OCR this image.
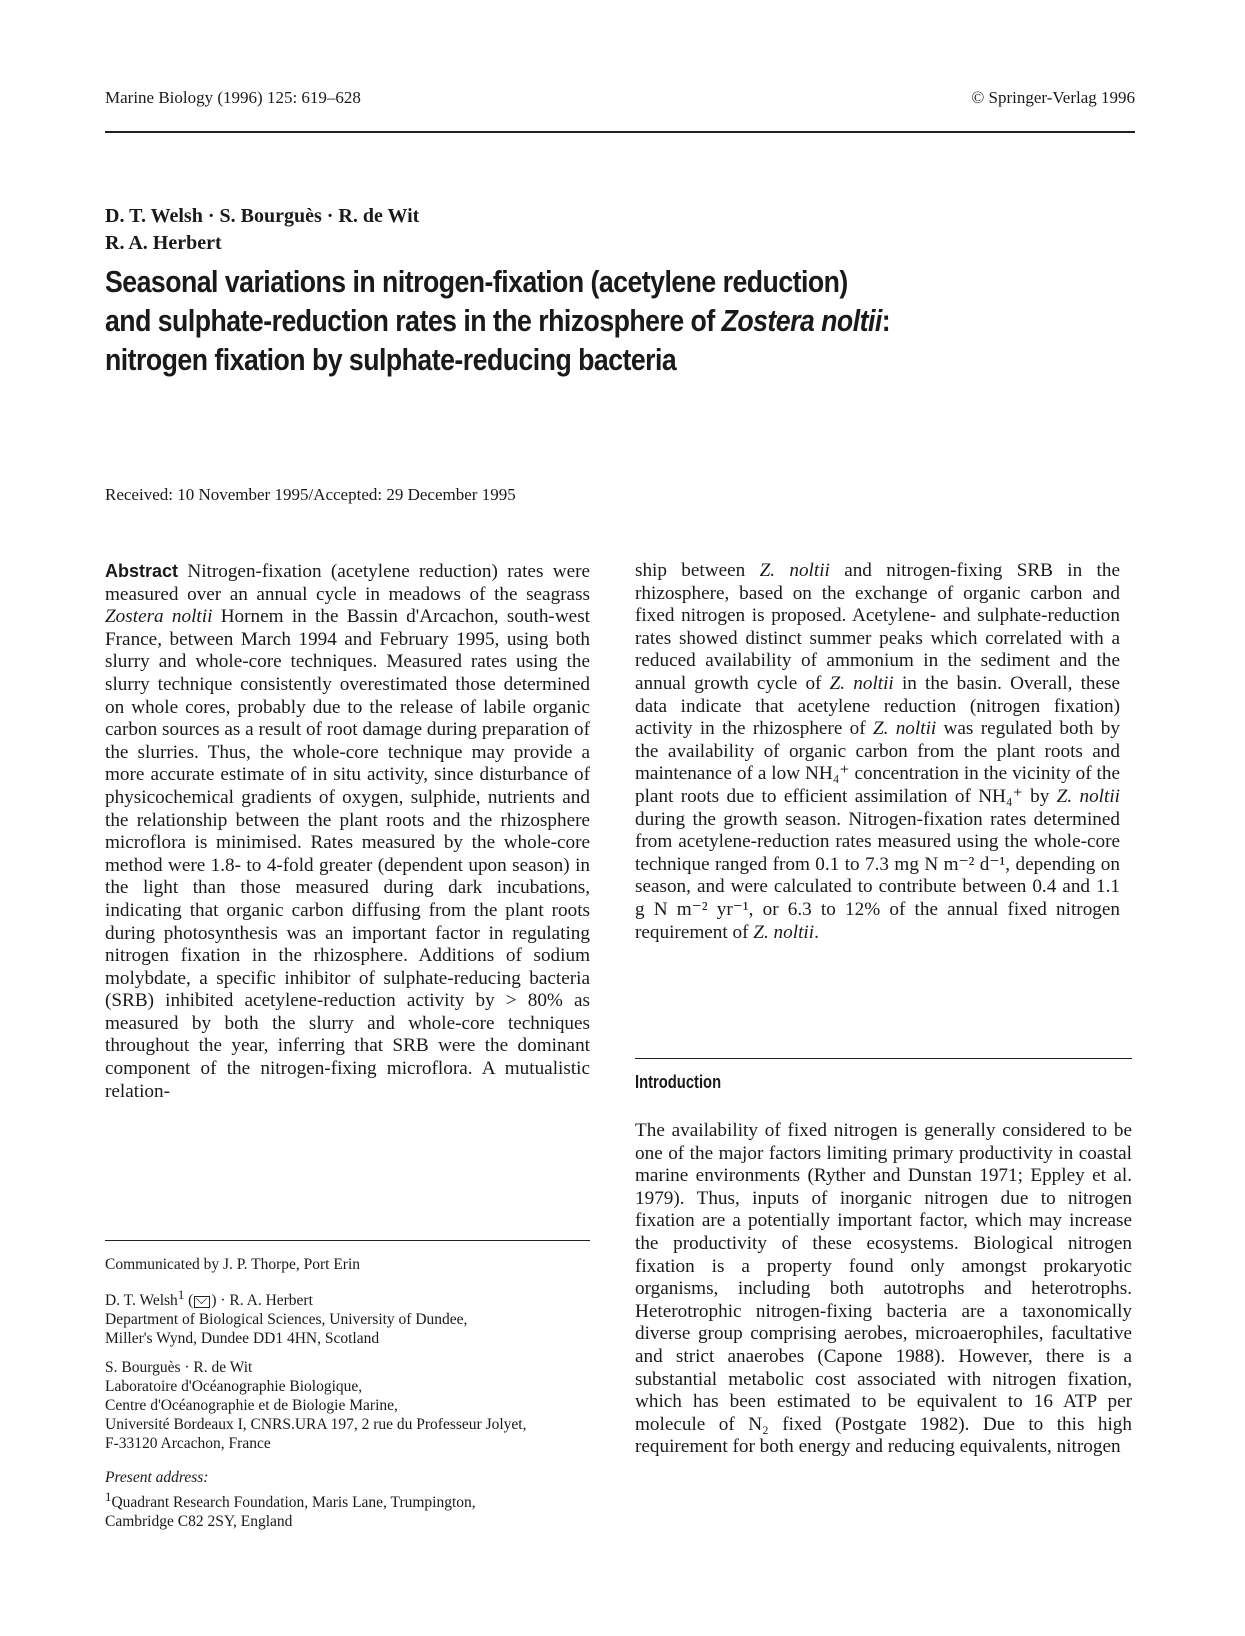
Marine Biology (1996) 125: 619–628	© Springer-Verlag 1996
D. T. Welsh · S. Bourguès · R. de Wit
R. A. Herbert
Seasonal variations in nitrogen-fixation (acetylene reduction)
and sulphate-reduction rates in the rhizosphere of Zostera noltii:
nitrogen fixation by sulphate-reducing bacteria
Received: 10 November 1995/Accepted: 29 December 1995

Abstract Nitrogen-fixation (acetylene reduction) rates were measured over an annual cycle in meadows of the seagrass Zostera noltii Hornem in the Bassin d'Arcachon, south-west France, between March 1994 and February 1995, using both slurry and whole-core techniques. Measured rates using the slurry technique consistently overestimated those determined on whole cores, probably due to the release of labile organic carbon sources as a result of root damage during preparation of the slurries. Thus, the whole-core technique may provide a more accurate estimate of in situ activity, since disturbance of physicochemical gradients of oxygen, sulphide, nutrients and the relationship between the plant roots and the rhizosphere microflora is minimised. Rates measured by the whole-core method were 1.8- to 4-fold greater (dependent upon season) in the light than those measured during dark incubations, indicating that organic carbon diffusing from the plant roots during photosynthesis was an important factor in regulating nitrogen fixation in the rhizosphere. Additions of sodium molybdate, a specific inhibitor of sulphate-reducing bacteria (SRB) inhibited acetylene-reduction activity by > 80% as measured by both the slurry and whole-core techniques throughout the year, inferring that SRB were the dominant component of the nitrogen-fixing microflora. A mutualistic relation-

ship between Z. noltii and nitrogen-fixing SRB in the rhizosphere, based on the exchange of organic carbon and fixed nitrogen is proposed. Acetylene- and sulphate-reduction rates showed distinct summer peaks which correlated with a reduced availability of ammonium in the sediment and the annual growth cycle of Z. noltii in the basin. Overall, these data indicate that acetylene reduction (nitrogen fixation) activity in the rhizosphere of Z. noltii was regulated both by the availability of organic carbon from the plant roots and maintenance of a low NH₄⁺ concentration in the vicinity of the plant roots due to efficient assimilation of NH₄⁺ by Z. noltii during the growth season. Nitrogen-fixation rates determined from acetylene-reduction rates measured using the whole-core technique ranged from 0.1 to 7.3 mg N m⁻² d⁻¹, depending on season, and were calculated to contribute between 0.4 and 1.1 g N m⁻² yr⁻¹, or 6.3 to 12% of the annual fixed nitrogen requirement of Z. noltii.

Introduction
The availability of fixed nitrogen is generally considered to be one of the major factors limiting primary productivity in coastal marine environments (Ryther and Dunstan 1971; Eppley et al. 1979). Thus, inputs of inorganic nitrogen due to nitrogen fixation are a potentially important factor, which may increase the productivity of these ecosystems. Biological nitrogen fixation is a property found only amongst prokaryotic organisms, including both autotrophs and heterotrophs. Heterotrophic nitrogen-fixing bacteria are a taxonomically diverse group comprising aerobes, microaerophiles, facultative and strict anaerobes (Capone 1988). However, there is a substantial metabolic cost associated with nitrogen fixation, which has been estimated to be equivalent to 16 ATP per molecule of N₂ fixed (Postgate 1982). Due to this high requirement for both energy and reducing equivalents, nitrogen
Communicated by J. P. Thorpe, Port Erin
D. T. Welsh$^1$ ( ) · R. A. Herbert
Department of Biological Sciences, University of Dundee,
Miller's Wynd, Dundee DD1 4HN, Scotland
S. Bourguès · R. de Wit
Laboratoire d'Océanographie Biologique,
Centre d'Océanographie et de Biologie Marine,
Université Bordeaux I, CNRS.URA 197, 2 rue du Professeur Jolyet,
F-33120 Arcachon, France
Present address:
$^1$Quadrant Research Foundation, Maris Lane, Trumpington,
Cambridge C82 2SY, England
